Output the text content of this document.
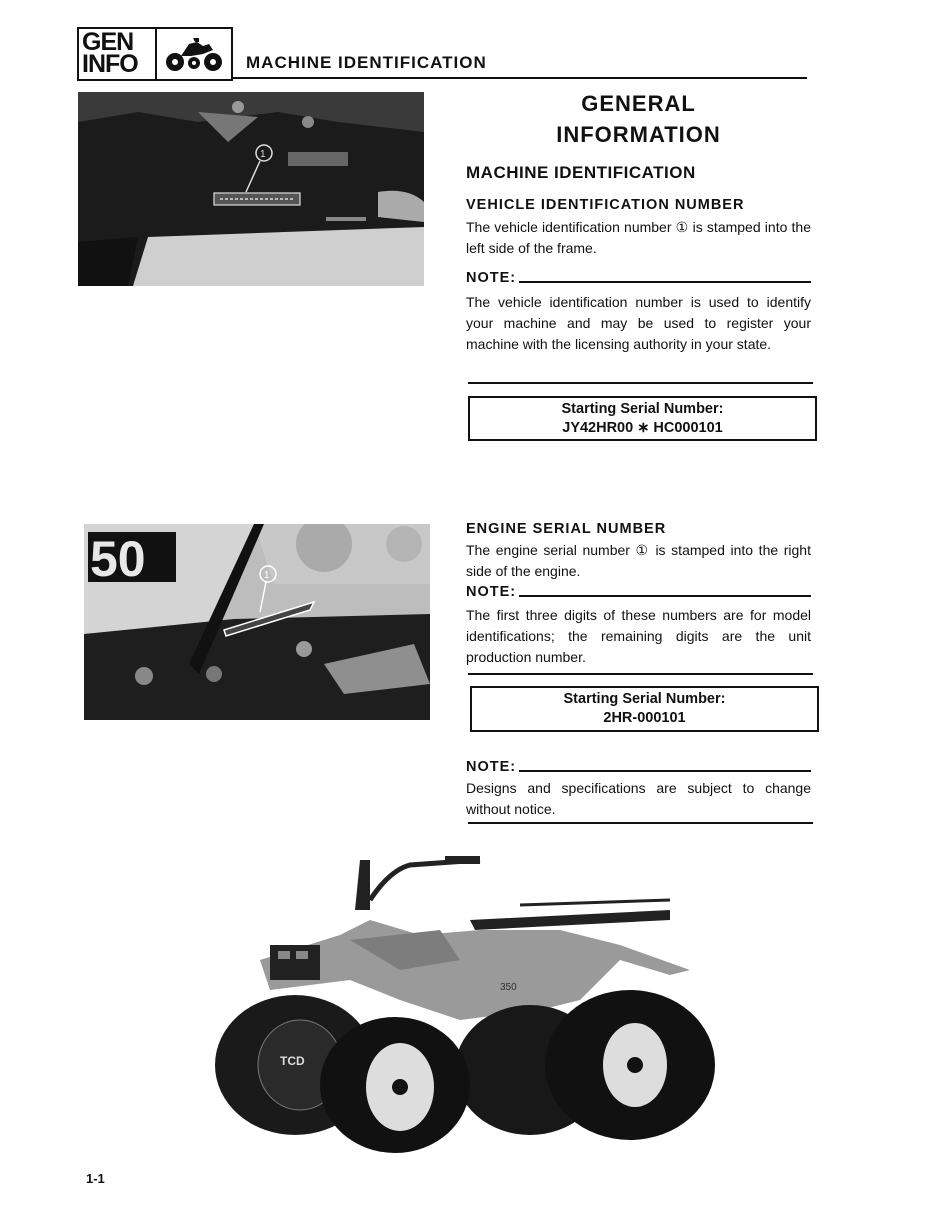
GEN
INFO	MACHINE IDENTIFICATION
1
50	1
GENERAL
INFORMATION
MACHINE IDENTIFICATION
VEHICLE IDENTIFICATION NUMBER
The vehicle identification number ① is stamped into the left side of the frame.
NOTE:
The vehicle identification number is used to identify your machine and may be used to register your machine with the licensing authority in your state.
Starting Serial Number:
JY42HR00 ∗ HC000101
ENGINE SERIAL NUMBER
The engine serial number ① is stamped into the right side of the engine.
NOTE:
The first three digits of these numbers are for model identifications; the remaining digits are the unit production number.
Starting Serial Number:
2HR-000101
NOTE:
Designs and specifications are subject to change without notice.
TCD
350
1-1
